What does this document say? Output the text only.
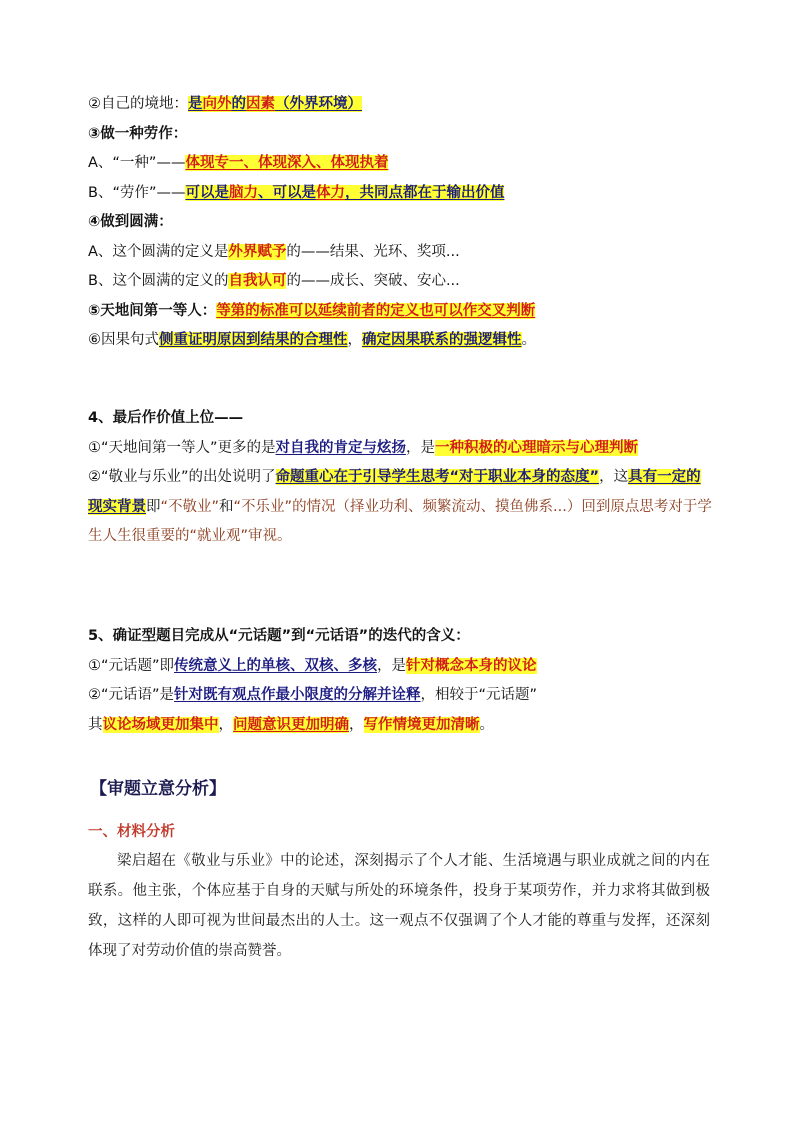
②自己的境地：是向外的因素（外界环境）
③做一种劳作：
A、“一种”——体现专一、体现深入、体现执着
B、“劳作”——可以是脑力、可以是体力，共同点都在于输出价值
④做到圆满：
A、这个圆满的定义是外界赋予的——结果、光环、奖项...
B、这个圆满的定义的自我认可的——成长、突破、安心...
⑤天地间第一等人：等第的标准可以延续前者的定义也可以作交叉判断
⑥因果句式侧重证明原因到结果的合理性，确定因果联系的强逻辑性。
4、最后作价值上位——
①“天地间第一等人”更多的是对自我的肯定与炫扬，是一种积极的心理暗示与心理判断
②“敬业与乐业”的出处说明了命题重心在于引导学生思考“对于职业本身的态度”，这具有一定的现实背景即“不敬业”和“不乐业”的情况（择业功利、频繁流动、摸鱼佛系...）回到原点思考对于学生人生很重要的“就业观”审视。
5、确证型题目完成从“元话题”到“元话语”的迭代的含义：
①“元话题”即传统意义上的单核、双核、多核，是针对概念本身的议论
②“元话语”是针对既有观点作最小限度的分解并诠释，相较于“元话题”
其议论场域更加集中，问题意识更加明确，写作情境更加清晰。
【审题立意分析】
一、材料分析
梁启超在《敬业与乐业》中的论述，深刻揭示了个人才能、生活境遇与职业成就之间的内在联系。他主张，个体应基于自身的天赋与所处的环境条件，投身于某项劳作，并力求将其做到极致，这样的人即可视为世间最杰出的人士。这一观点不仅强调了个人才能的尊重与发挥，还深刻体现了对劳动价值的崇高赞誉。
